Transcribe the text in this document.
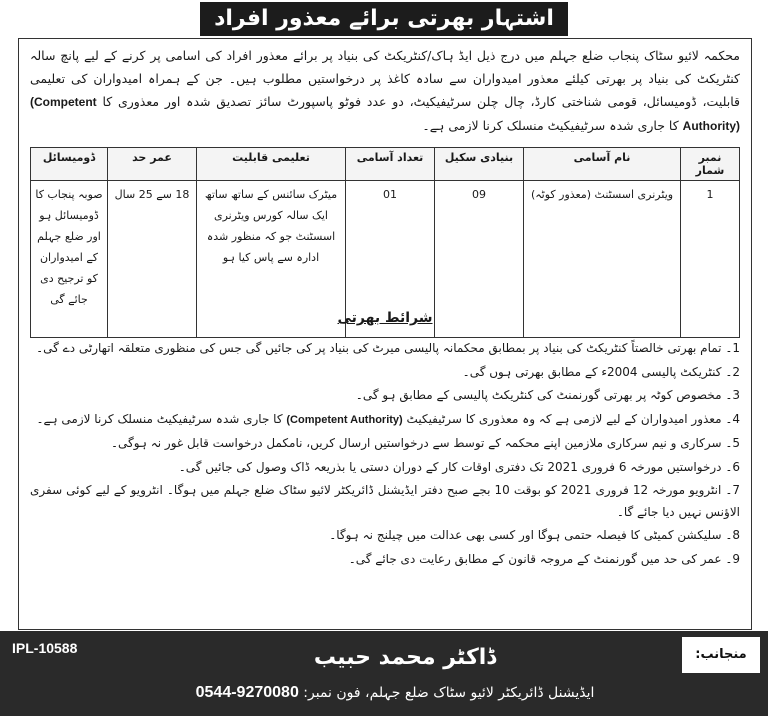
اشتہار بھرتی برائے معذور افراد
محکمہ لائیو سٹاک پنجاب ضلع جہلم میں درج ذیل ایڈ ہاک/کنٹریکٹ کی بنیاد پر برائے معذور افراد کی اسامی پر کرنے کے لیے پانچ سالہ کنٹریکٹ کی بنیاد پر بھرتی کیلئے معذور امیدواران سے سادہ کاغذ پر درخواستیں مطلوب ہیں۔ جن کے ہمراہ امیدواران کی تعلیمی قابلیت، ڈومیسائل، قومی شناختی کارڈ، چال چلن سرٹیفیکیٹ، دو عدد فوٹو پاسپورٹ سائز تصدیق شدہ اور معذوری کا (Competent Authority) کا جاری شدہ سرٹیفیکیٹ منسلک کرنا لازمی ہے۔
نمبر شمار	نام آسامی	بنیادی سکیل	تعداد آسامی	تعلیمی قابلیت	عمر حد	ڈومیسائل
1	ویٹرنری اسسٹنٹ (معذور کوٹہ)	09	01	میٹرک سائنس کے ساتھ ساتھ ایک سالہ کورس ویٹرنری اسسٹنٹ جو کہ منظور شدہ ادارہ سے پاس کیا ہو	18 سے 25 سال	صوبہ پنجاب کا ڈومیسائل ہو اور ضلع جہلم کے امیدواران کو ترجیح دی جائے گی
شرائط بھرتی
1۔ تمام بھرتی خالصتاً کنٹریکٹ کی بنیاد پر بمطابق محکمانہ پالیسی میرٹ کی بنیاد پر کی جائیں گی جس کی منظوری متعلقہ اتھارٹی دے گی۔
2۔ کنٹریکٹ پالیسی 2004ء کے مطابق بھرتی ہوں گی۔
3۔ مخصوص کوٹہ پر بھرتی گورنمنٹ کی کنٹریکٹ پالیسی کے مطابق ہو گی۔
4۔ معذور امیدواران کے لیے لازمی ہے کہ وہ معذوری کا سرٹیفیکیٹ (Competent Authority) کا جاری شدہ سرٹیفیکیٹ منسلک کرنا لازمی ہے۔
5۔ سرکاری و نیم سرکاری ملازمین اپنے محکمہ کے توسط سے درخواستیں ارسال کریں، نامکمل درخواست قابل غور نہ ہوگی۔
6۔ درخواستیں مورخہ 6 فروری 2021 تک دفتری اوقات کار کے دوران دستی یا بذریعہ ڈاک وصول کی جائیں گی۔
7۔ انٹرویو مورخہ 12 فروری 2021 کو بوقت 10 بجے صبح دفتر ایڈیشنل ڈائریکٹر لائیو سٹاک ضلع جہلم میں ہوگا۔ انٹرویو کے لیے کوئی سفری الاؤنس نہیں دیا جائے گا۔
8۔ سلیکشن کمیٹی کا فیصلہ حتمی ہوگا اور کسی بھی عدالت میں چیلنج نہ ہوگا۔
9۔ عمر کی حد میں گورنمنٹ کے مروجہ قانون کے مطابق رعایت دی جائے گی۔
IPL-10588	ڈاکٹر محمد حبیب	منجانب:
ایڈیشنل ڈائریکٹر لائیو سٹاک ضلع جہلم، فون نمبر: 0544-9270080
